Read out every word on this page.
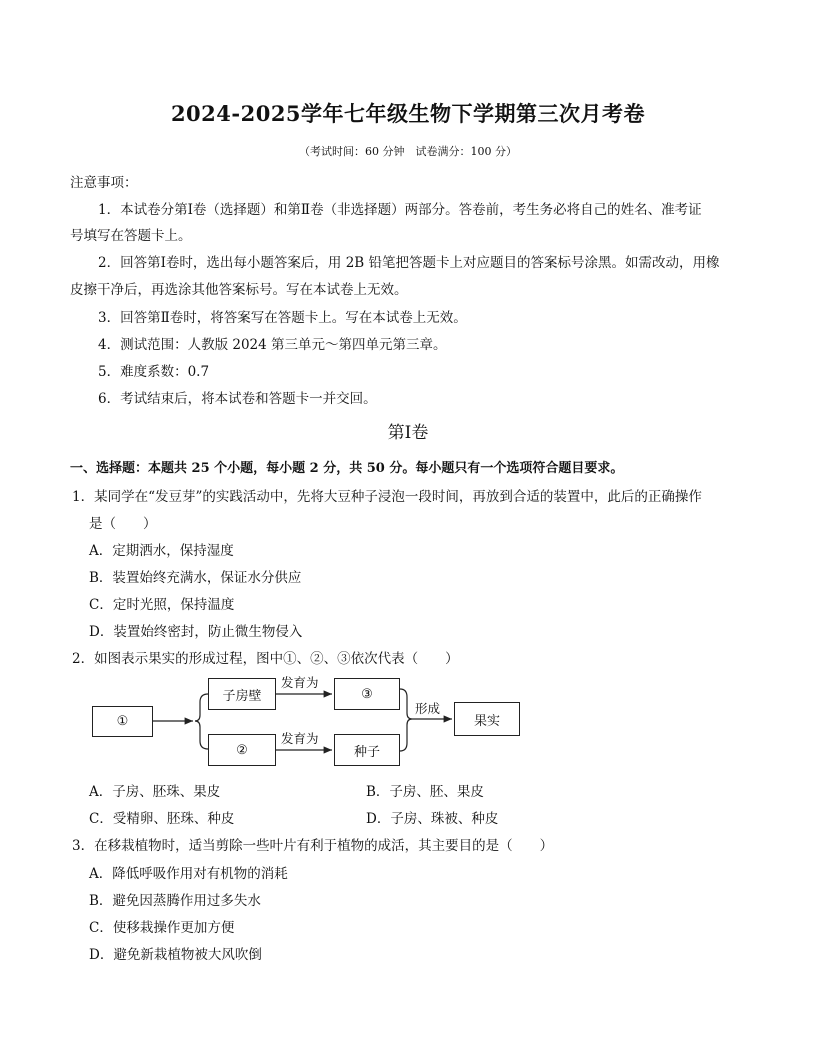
2024-2025学年七年级生物下学期第三次月考卷
（考试时间：60 分钟　试卷满分：100 分）
注意事项：
1．本试卷分第Ⅰ卷（选择题）和第Ⅱ卷（非选择题）两部分。答卷前，考生务必将自己的姓名、准考证
号填写在答题卡上。
2．回答第Ⅰ卷时，选出每小题答案后，用 2B 铅笔把答题卡上对应题目的答案标号涂黑。如需改动，用橡
皮擦干净后，再选涂其他答案标号。写在本试卷上无效。
3．回答第Ⅱ卷时，将答案写在答题卡上。写在本试卷上无效。
4．测试范围：人教版 2024 第三单元～第四单元第三章。
5．难度系数：0.7
6．考试结束后，将本试卷和答题卡一并交回。
第Ⅰ卷
一、选择题：本题共 25 个小题，每小题 2 分，共 50 分。每小题只有一个选项符合题目要求。
1．某同学在“发豆芽”的实践活动中，先将大豆种子浸泡一段时间，再放到合适的装置中，此后的正确操作
是（　　）
A．定期洒水，保持湿度
B．装置始终充满水，保证水分供应
C．定时光照，保持温度
D．装置始终密封，防止微生物侵入
2．如图表示果实的形成过程，图中①、②、③依次代表（　　）
①
子房壁	③
②	种子
果实
发育为
发育为
形成
A．子房、胚珠、果皮	B．子房、胚、果皮
C．受精卵、胚珠、种皮	D．子房、珠被、种皮
3．在移栽植物时，适当剪除一些叶片有利于植物的成活，其主要目的是（　　）
A．降低呼吸作用对有机物的消耗
B．避免因蒸腾作用过多失水
C．使移栽操作更加方便
D．避免新栽植物被大风吹倒
